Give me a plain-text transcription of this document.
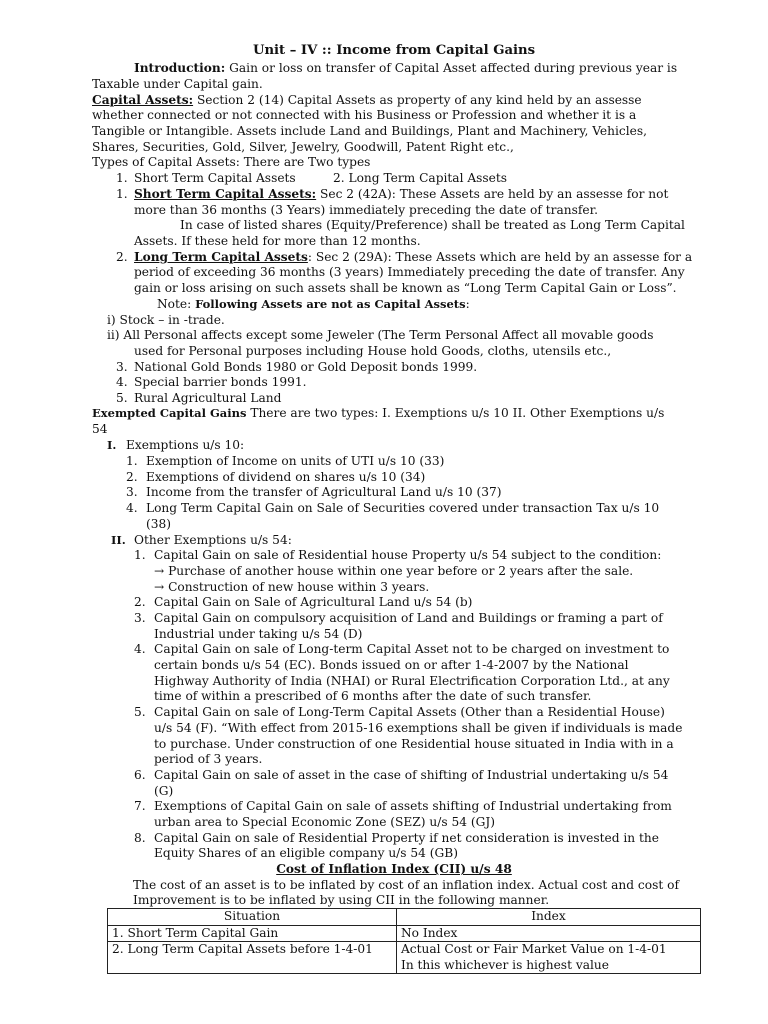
Unit – IV :: Income from Capital Gains
Introduction: Gain or loss on transfer of Capital Asset affected during previous year is
Taxable under Capital gain.
Capital Assets: Section 2 (14) Capital Assets as property of any kind held by an assesse
whether connected or not connected with his Business or Profession and whether it is a
Tangible or Intangible. Assets include Land and Buildings, Plant and Machinery, Vehicles,
Shares, Securities, Gold, Silver, Jewelry, Goodwill, Patent Right etc.,
Types of Capital Assets: There are Two types
1. Short Term Capital Assets	2. Long Term Capital Assets
1. Short Term Capital Assets: Sec 2 (42A): These Assets are held by an assesse for not
more than 36 months (3 Years) immediately preceding the date of transfer.
In case of listed shares (Equity/Preference) shall be treated as Long Term Capital
Assets. If these held for more than 12 months.
2. Long Term Capital Assets: Sec 2 (29A): These Assets which are held by an assesse for a
period of exceeding 36 months (3 years) Immediately preceding the date of transfer. Any
gain or loss arising on such assets shall be known as “Long Term Capital Gain or Loss”.
Note: Following Assets are not as Capital Assets:
i) Stock – in -trade.
ii) All Personal affects except some Jeweler (The Term Personal Affect all movable goods
used for Personal purposes including House hold Goods, cloths, utensils etc.,
3. National Gold Bonds 1980 or Gold Deposit bonds 1999.
4. Special barrier bonds 1991.
5. Rural Agricultural Land
Exempted Capital Gains There are two types: I. Exemptions u/s 10 II. Other Exemptions u/s
54
I. Exemptions u/s 10:
1. Exemption of Income on units of UTI u/s 10 (33)
2. Exemptions of dividend on shares u/s 10 (34)
3. Income from the transfer of Agricultural Land u/s 10 (37)
4. Long Term Capital Gain on Sale of Securities covered under transaction Tax u/s 10
(38)
II. Other Exemptions u/s 54:
1. Capital Gain on sale of Residential house Property u/s 54 subject to the condition:
→ Purchase of another house within one year before or 2 years after the sale.
→ Construction of new house within 3 years.
2. Capital Gain on Sale of Agricultural Land u/s 54 (b)
3. Capital Gain on compulsory acquisition of Land and Buildings or framing a part of
Industrial under taking u/s 54 (D)
4. Capital Gain on sale of Long-term Capital Asset not to be charged on investment to
certain bonds u/s 54 (EC). Bonds issued on or after 1-4-2007 by the National
Highway Authority of India (NHAI) or Rural Electrification Corporation Ltd., at any
time of within a prescribed of 6 months after the date of such transfer.
5. Capital Gain on sale of Long-Term Capital Assets (Other than a Residential House)
u/s 54 (F). “With effect from 2015-16 exemptions shall be given if individuals is made
to purchase. Under construction of one Residential house situated in India with in a
period of 3 years.
6. Capital Gain on sale of asset in the case of shifting of Industrial undertaking u/s 54
(G)
7. Exemptions of Capital Gain on sale of assets shifting of Industrial undertaking from
urban area to Special Economic Zone (SEZ) u/s 54 (GJ)
8. Capital Gain on sale of Residential Property if net consideration is invested in the
Equity Shares of an eligible company u/s 54 (GB)
Cost of Inflation Index (CII) u/s 48
The cost of an asset is to be inflated by cost of an inflation index. Actual cost and cost of
Improvement is to be inflated by using CII in the following manner.
Situation	Index
1. Short Term Capital Gain	No Index
2. Long Term Capital Assets before 1-4-01	Actual Cost or Fair Market Value on 1-4-01
In this whichever is highest value
